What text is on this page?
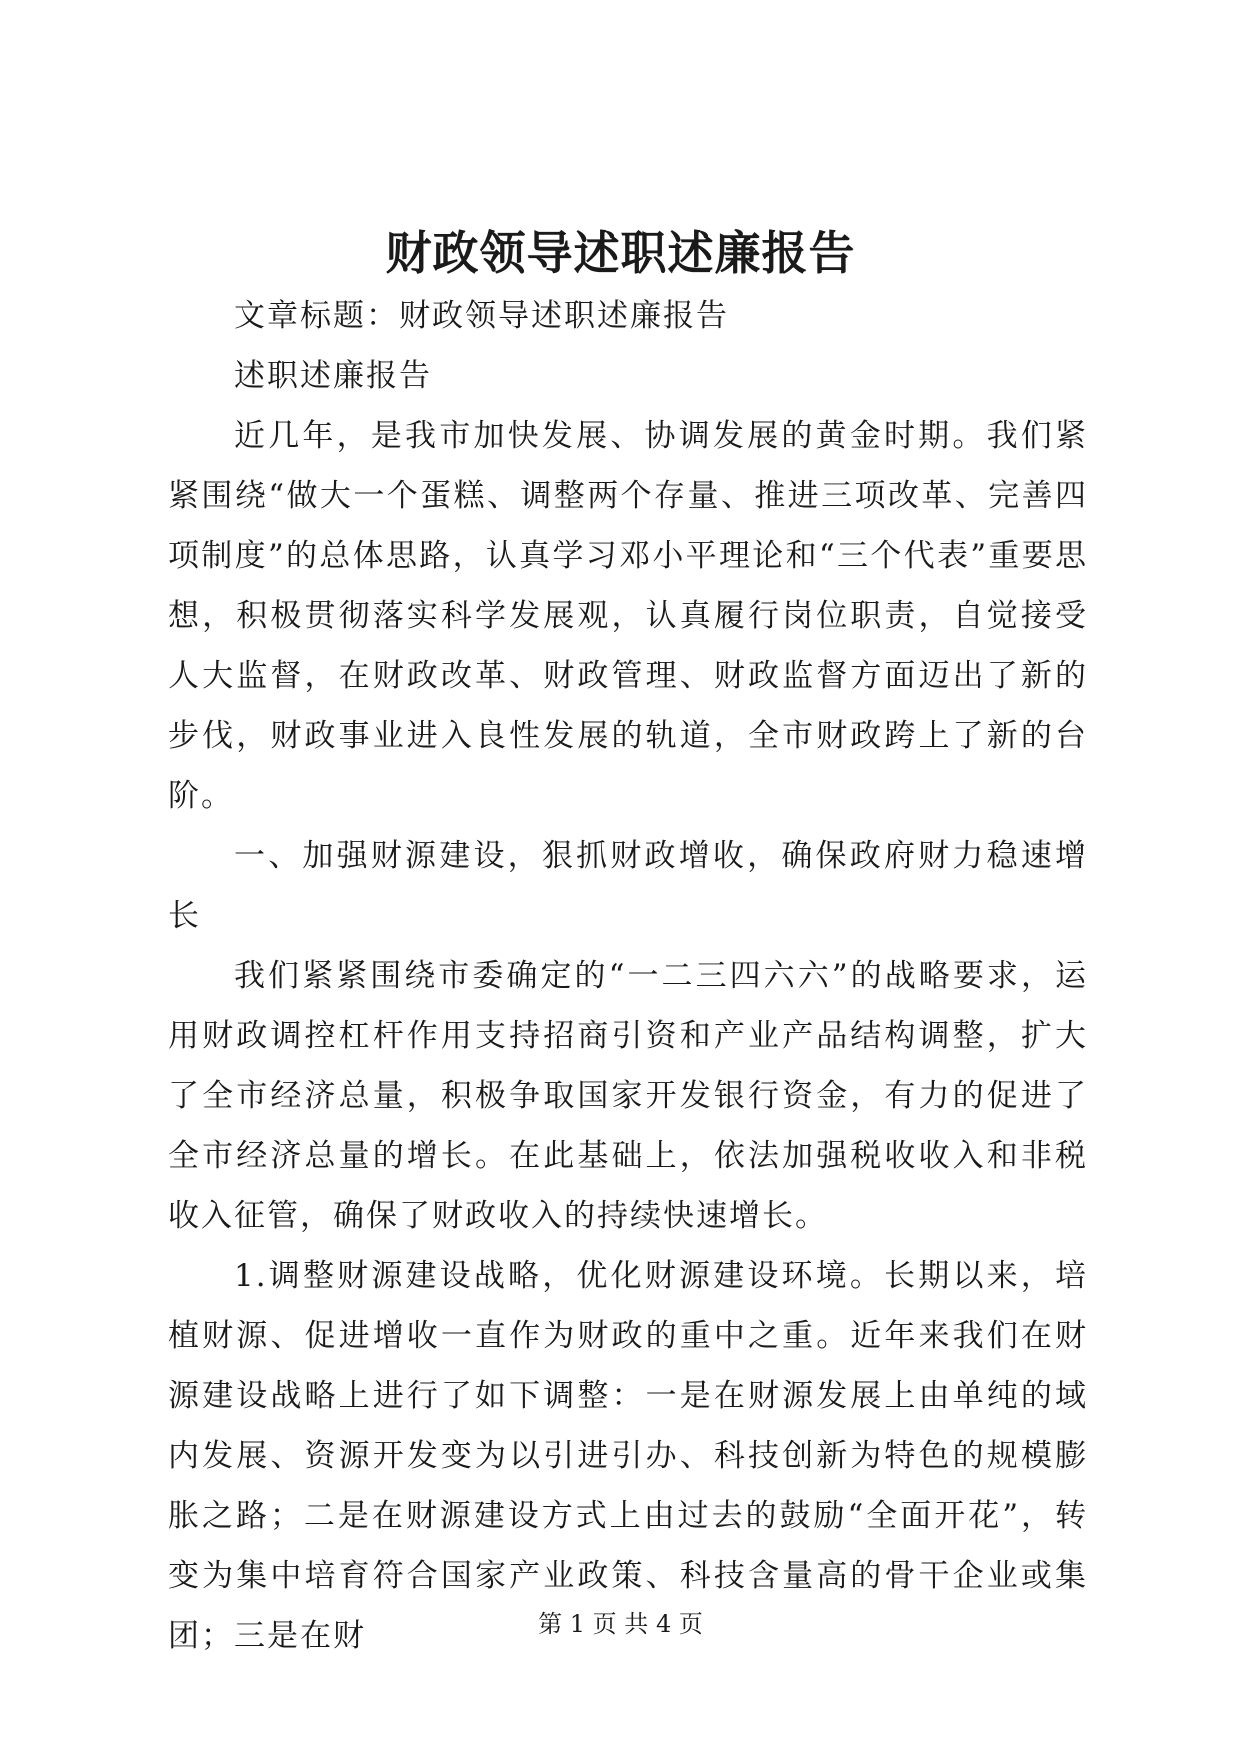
财政领导述职述廉报告

文章标题：财政领导述职述廉报告

述职述廉报告

近几年，是我市加快发展、协调发展的黄金时期。我们紧紧围绕“做大一个蛋糕、调整两个存量、推进三项改革、完善四项制度”的总体思路，认真学习邓小平理论和“三个代表”重要思想，积极贯彻落实科学发展观，认真履行岗位职责，自觉接受人大监督，在财政改革、财政管理、财政监督方面迈出了新的步伐，财政事业进入良性发展的轨道，全市财政跨上了新的台阶。

一、加强财源建设，狠抓财政增收，确保政府财力稳速增长

我们紧紧围绕市委确定的“一二三四六六”的战略要求，运用财政调控杠杆作用支持招商引资和产业产品结构调整，扩大了全市经济总量，积极争取国家开发银行资金，有力的促进了全市经济总量的增长。在此基础上，依法加强税收收入和非税收入征管，确保了财政收入的持续快速增长。

1.调整财源建设战略，优化财源建设环境。长期以来，培植财源、促进增收一直作为财政的重中之重。近年来我们在财源建设战略上进行了如下调整：一是在财源发展上由单纯的域内发展、资源开发变为以引进引办、科技创新为特色的规模膨胀之路；二是在财源建设方式上由过去的鼓励“全面开花”，转变为集中培育符合国家产业政策、科技含量高的骨干企业或集团；三是在财	第 1 页 共 4 页
